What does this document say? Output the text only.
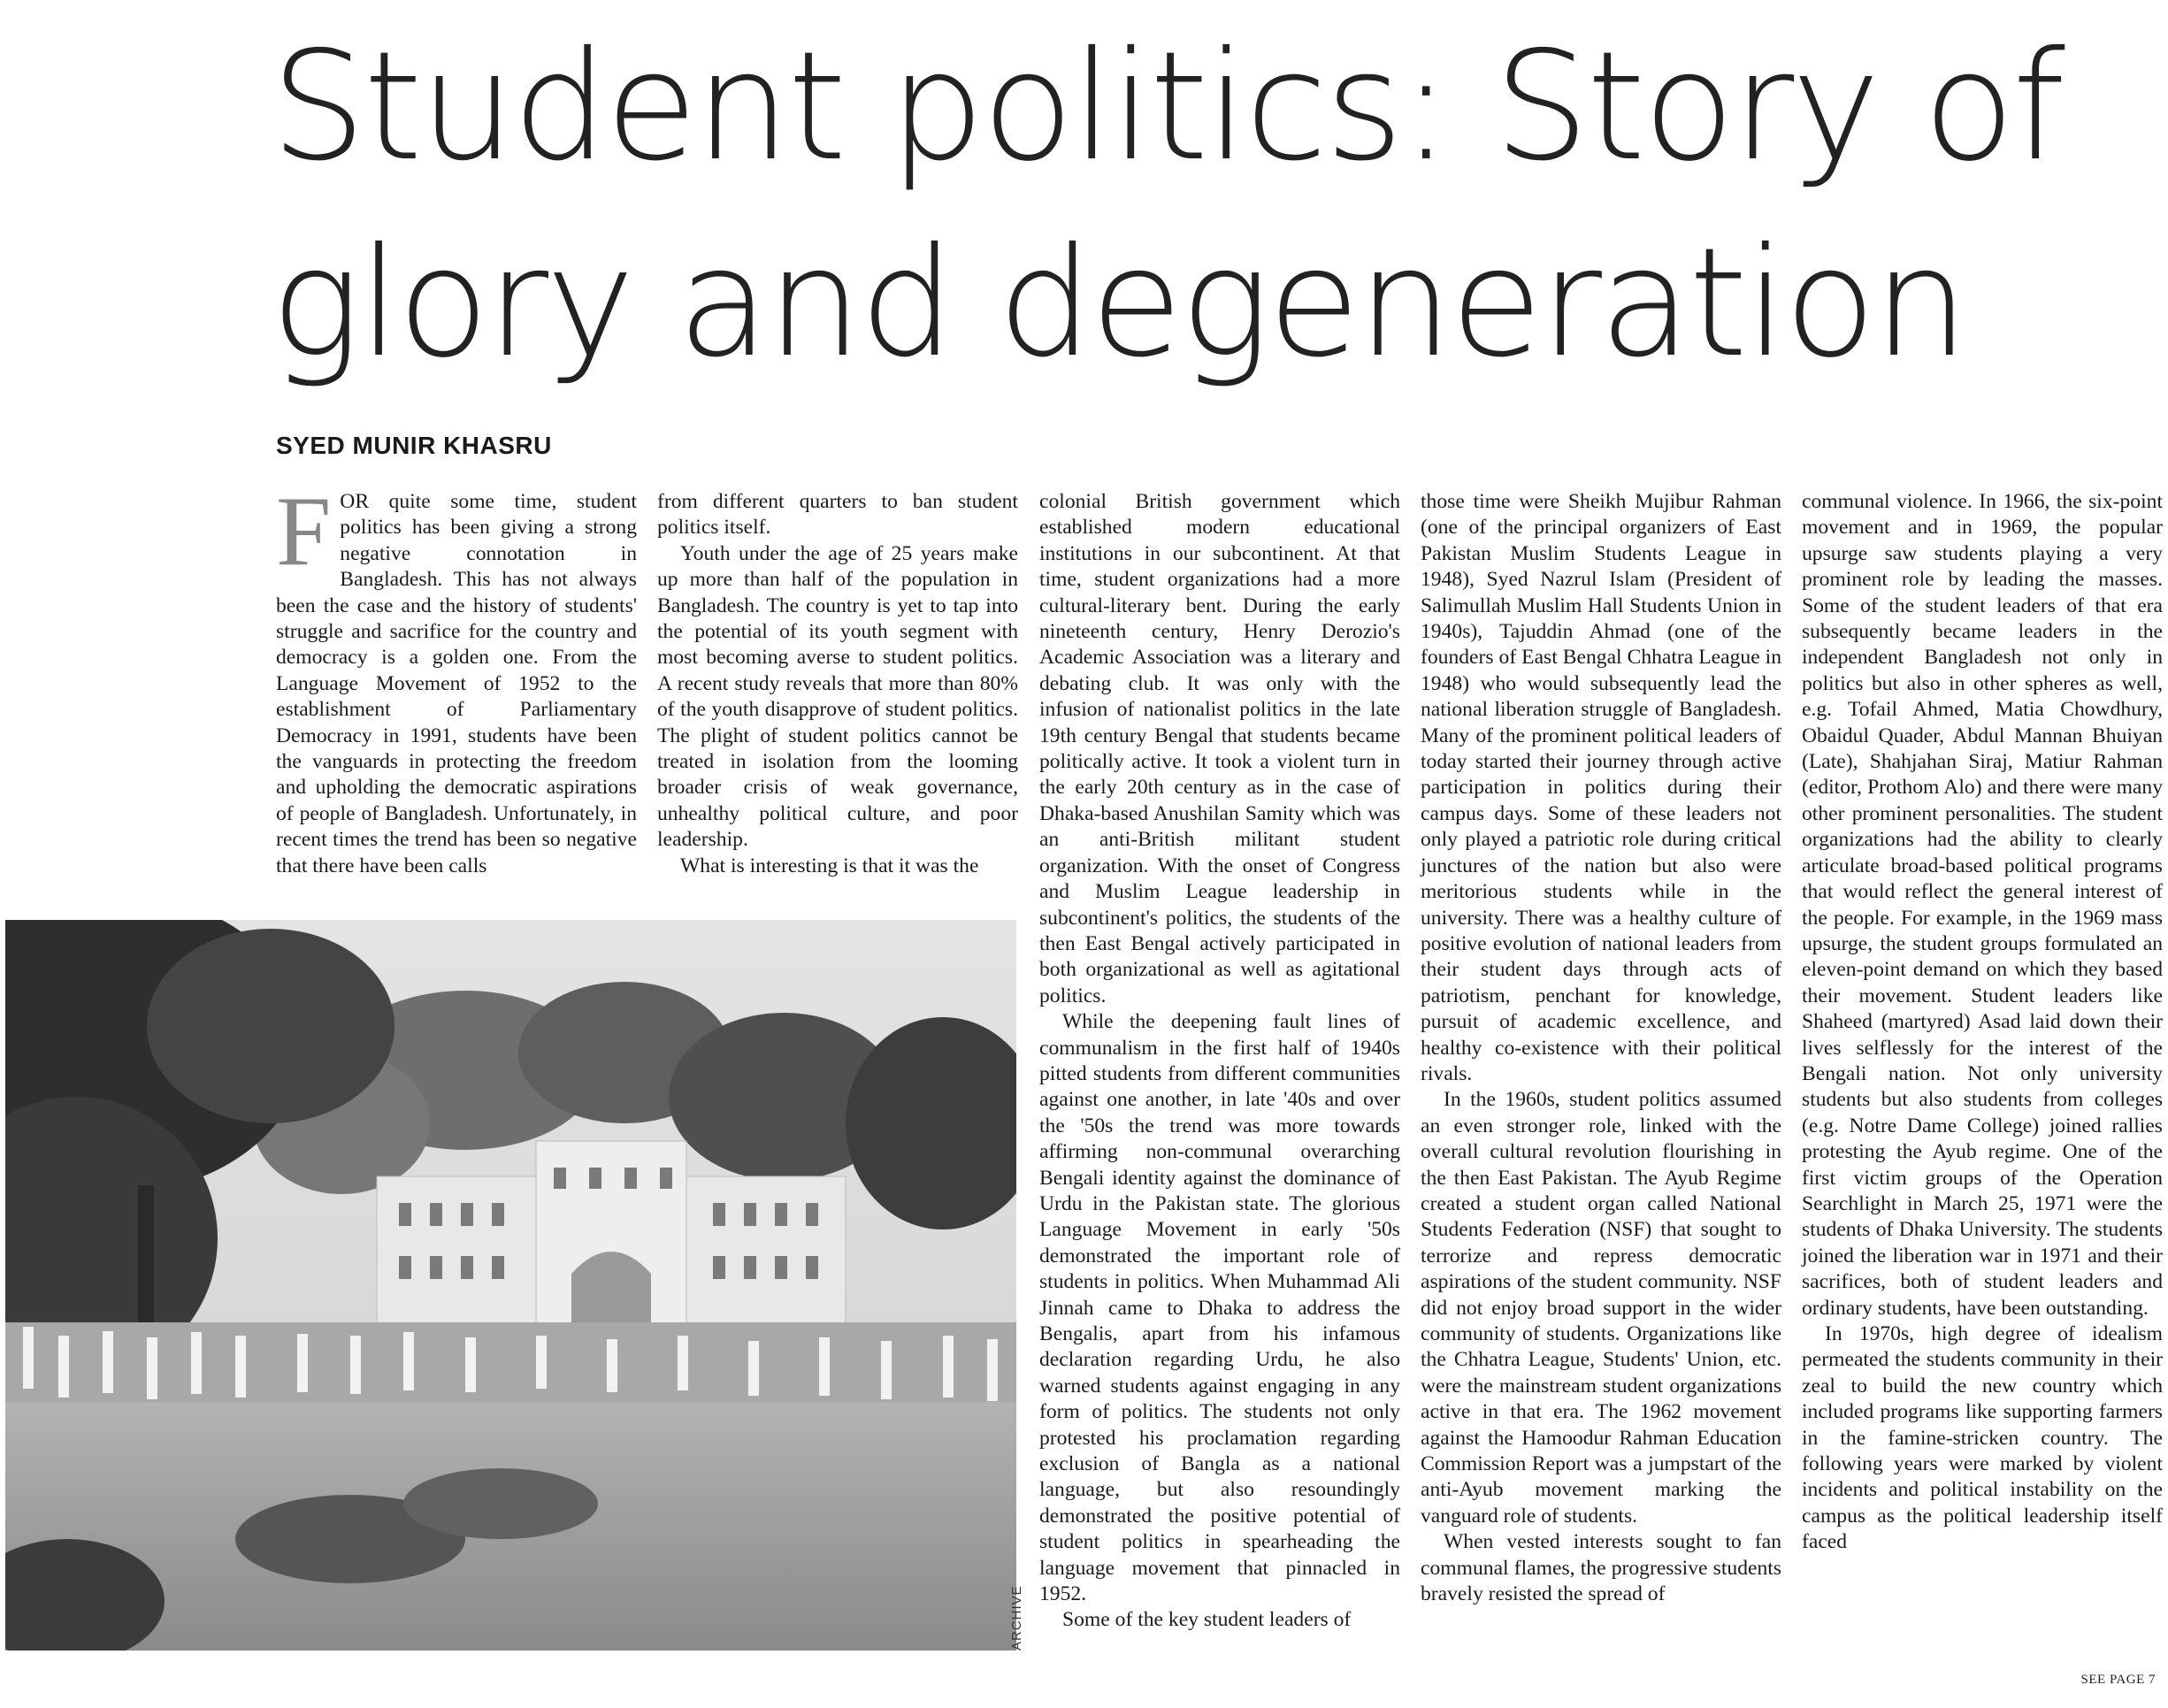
Student politics: Story of
glory and degeneration
SYED MUNIR KHASRU

FOR quite some time, student politics has been giving a strong negative connotation in Bangladesh. This has not always been the case and the history of students' struggle and sacrifice for the country and democracy is a golden one. From the Language Movement of 1952 to the establishment of Parliamentary Democracy in 1991, students have been the vanguards in protecting the freedom and upholding the democratic aspirations of people of Bangladesh. Unfortunately, in recent times the trend has been so negative that there have been calls

from different quarters to ban student politics itself.

Youth under the age of 25 years make up more than half of the population in Bangladesh. The country is yet to tap into the potential of its youth segment with most becoming averse to student politics. A recent study reveals that more than 80% of the youth disapprove of student politics. The plight of student politics cannot be treated in isolation from the looming broader crisis of weak governance, unhealthy political culture, and poor leadership.

What is interesting is that it was the

colonial British government which established modern educational institutions in our subcontinent. At that time, student organizations had a more cultural-literary bent. During the early nineteenth century, Henry Derozio's Academic Association was a literary and debating club. It was only with the infusion of nationalist politics in the late 19th century Bengal that students became politically active. It took a violent turn in the early 20th century as in the case of Dhaka-based Anushilan Samity which was an anti-British militant student organization. With the onset of Congress and Muslim League leadership in subcontinent's politics, the students of the then East Bengal actively participated in both organizational as well as agitational politics.

While the deepening fault lines of communalism in the first half of 1940s pitted students from different communities against one another, in late '40s and over the '50s the trend was more towards affirming non-communal overarching Bengali identity against the dominance of Urdu in the Pakistan state. The glorious Language Movement in early '50s demonstrated the important role of students in politics. When Muhammad Ali Jinnah came to Dhaka to address the Bengalis, apart from his infamous declaration regarding Urdu, he also warned students against engaging in any form of politics. The students not only protested his proclamation regarding exclusion of Bangla as a national language, but also resoundingly demonstrated the positive potential of student politics in spearheading the language movement that pinnacled in 1952.

Some of the key student leaders of

those time were Sheikh Mujibur Rahman (one of the principal organizers of East Pakistan Muslim Students League in 1948), Syed Nazrul Islam (President of Salimullah Muslim Hall Students Union in 1940s), Tajuddin Ahmad (one of the founders of East Bengal Chhatra League in 1948) who would subsequently lead the national liberation struggle of Bangladesh. Many of the prominent political leaders of today started their journey through active participation in politics during their campus days. Some of these leaders not only played a patriotic role during critical junctures of the nation but also were meritorious students while in the university. There was a healthy culture of positive evolution of national leaders from their student days through acts of patriotism, penchant for knowledge, pursuit of academic excellence, and healthy co-existence with their political rivals.

In the 1960s, student politics assumed an even stronger role, linked with the overall cultural revolution flourishing in the then East Pakistan. The Ayub Regime created a student organ called National Students Federation (NSF) that sought to terrorize and repress democratic aspirations of the student community. NSF did not enjoy broad support in the wider community of students. Organizations like the Chhatra League, Students' Union, etc. were the mainstream student organizations active in that era. The 1962 movement against the Hamoodur Rahman Education Commission Report was a jumpstart of the anti-Ayub movement marking the vanguard role of students.

When vested interests sought to fan communal flames, the progressive students bravely resisted the spread of

communal violence. In 1966, the six-point movement and in 1969, the popular upsurge saw students playing a very prominent role by leading the masses. Some of the student leaders of that era subsequently became leaders in the independent Bangladesh not only in politics but also in other spheres as well, e.g. Tofail Ahmed, Matia Chowdhury, Obaidul Quader, Abdul Mannan Bhuiyan (Late), Shahjahan Siraj, Matiur Rahman (editor, Prothom Alo) and there were many other prominent personalities. The student organizations had the ability to clearly articulate broad-based political programs that would reflect the general interest of the people. For example, in the 1969 mass upsurge, the student groups formulated an eleven-point demand on which they based their movement. Student leaders like Shaheed (martyred) Asad laid down their lives selflessly for the interest of the Bengali nation. Not only university students but also students from colleges (e.g. Notre Dame College) joined rallies protesting the Ayub regime. One of the first victim groups of the Operation Searchlight in March 25, 1971 were the students of Dhaka University. The students joined the liberation war in 1971 and their sacrifices, both of student leaders and ordinary students, have been outstanding.

In 1970s, high degree of idealism permeated the students community in their zeal to build the new country which included programs like supporting farmers in the famine-stricken country. The following years were marked by violent incidents and political instability on the campus as the political leadership itself faced

ARCHIVE
SEE PAGE 7
